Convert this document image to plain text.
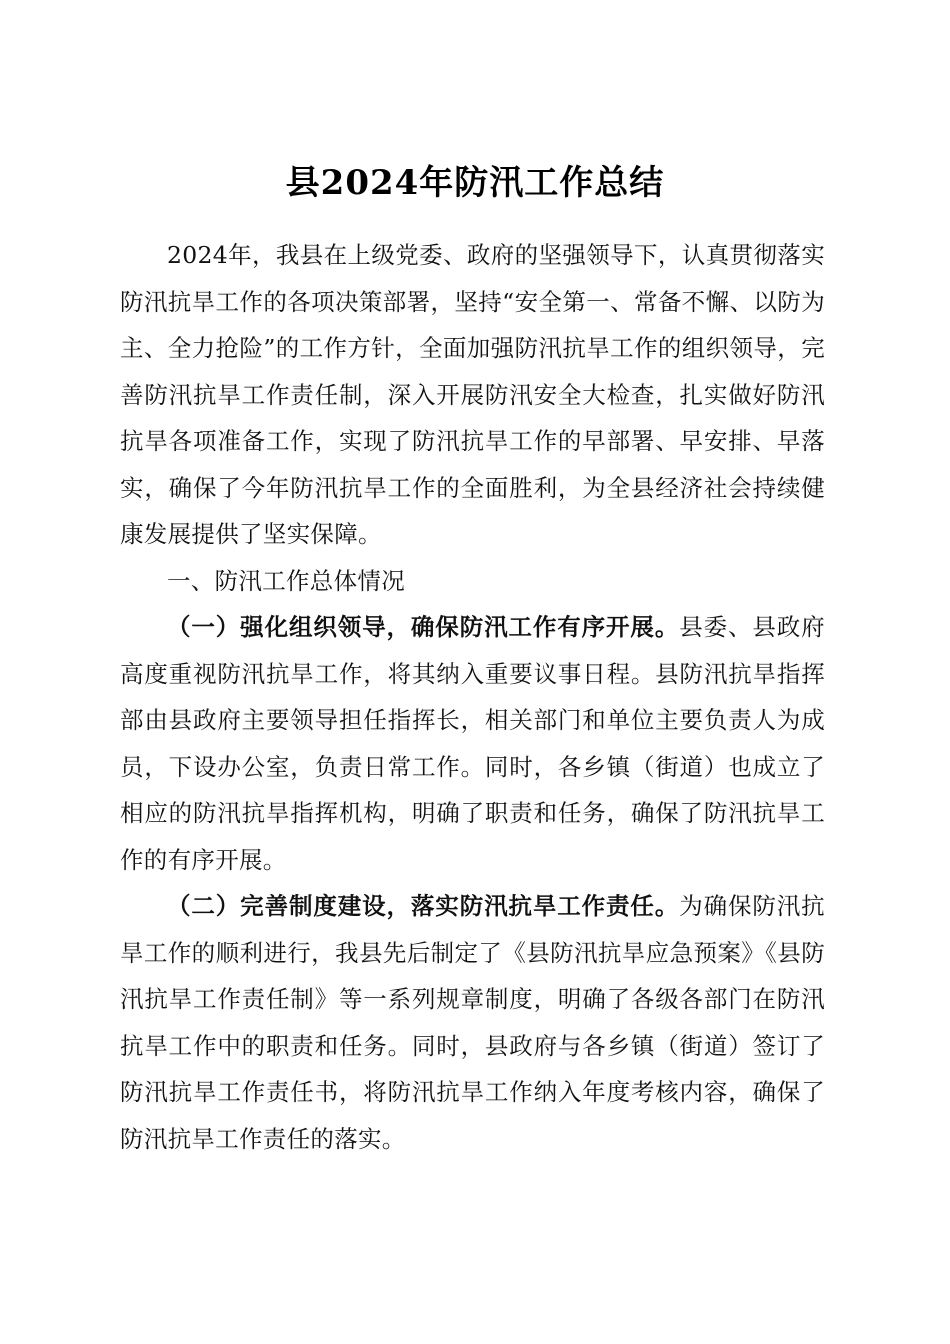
县2024年防汛工作总结

2024年，我县在上级党委、政府的坚强领导下，认真贯彻落实防汛抗旱工作的各项决策部署，坚持“安全第一、常备不懈、以防为主、全力抢险”的工作方针，全面加强防汛抗旱工作的组织领导，完善防汛抗旱工作责任制，深入开展防汛安全大检查，扎实做好防汛抗旱各项准备工作，实现了防汛抗旱工作的早部署、早安排、早落实，确保了今年防汛抗旱工作的全面胜利，为全县经济社会持续健康发展提供了坚实保障。

一、防汛工作总体情况

（一）强化组织领导，确保防汛工作有序开展。县委、县政府高度重视防汛抗旱工作，将其纳入重要议事日程。县防汛抗旱指挥部由县政府主要领导担任指挥长，相关部门和单位主要负责人为成员，下设办公室，负责日常工作。同时，各乡镇（街道）也成立了相应的防汛抗旱指挥机构，明确了职责和任务，确保了防汛抗旱工作的有序开展。

（二）完善制度建设，落实防汛抗旱工作责任。为确保防汛抗旱工作的顺利进行，我县先后制定了《县防汛抗旱应急预案》《县防汛抗旱工作责任制》等一系列规章制度，明确了各级各部门在防汛抗旱工作中的职责和任务。同时，县政府与各乡镇（街道）签订了防汛抗旱工作责任书，将防汛抗旱工作纳入年度考核内容，确保了防汛抗旱工作责任的落实。
